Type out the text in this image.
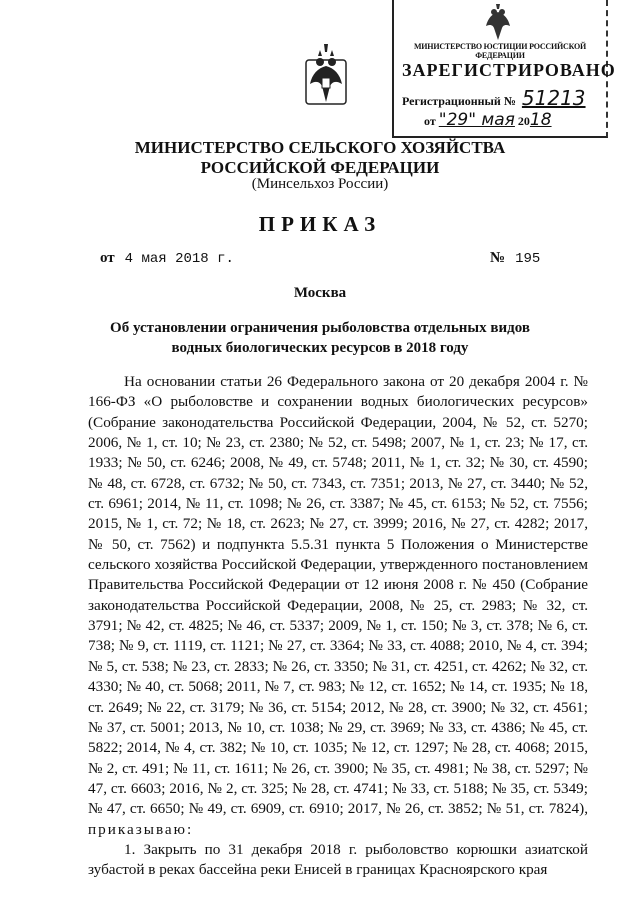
МИНИСТЕРСТВО ЮСТИЦИИ РОССИЙСКОЙ ФЕДЕРАЦИИ
ЗАРЕГИСТРИРОВАНО
Регистрационный № 51213
от "29" мая 2018
МИНИСТЕРСТВО СЕЛЬСКОГО ХОЗЯЙСТВА
РОССИЙСКОЙ ФЕДЕРАЦИИ
(Минсельхоз России)
ПРИКАЗ
от 4 мая 2018 г.	№ 195
Москва
Об установлении ограничения рыболовства отдельных видов водных биологических ресурсов в 2018 году

На основании статьи 26 Федерального закона от 20 декабря 2004 г. № 166-ФЗ «О рыболовстве и сохранении водных биологических ресурсов» (Собрание законодательства Российской Федерации, 2004, № 52, ст. 5270; 2006, № 1, ст. 10; № 23, ст. 2380; № 52, ст. 5498; 2007, № 1, ст. 23; № 17, ст. 1933; № 50, ст. 6246; 2008, № 49, ст. 5748; 2011, № 1, ст. 32; № 30, ст. 4590; № 48, ст. 6728, ст. 6732; № 50, ст. 7343, ст. 7351; 2013, № 27, ст. 3440; № 52, ст. 6961; 2014, № 11, ст. 1098; № 26, ст. 3387; № 45, ст. 6153; № 52, ст. 7556; 2015, № 1, ст. 72; № 18, ст. 2623; № 27, ст. 3999; 2016, № 27, ст. 4282; 2017, № 50, ст. 7562) и подпункта 5.5.31 пункта 5 Положения о Министерстве сельского хозяйства Российской Федерации, утвержденного постановлением Правительства Российской Федерации от 12 июня 2008 г. № 450 (Собрание законодательства Российской Федерации, 2008, № 25, ст. 2983; № 32, ст. 3791; № 42, ст. 4825; № 46, ст. 5337; 2009, № 1, ст. 150; № 3, ст. 378; № 6, ст. 738; № 9, ст. 1119, ст. 1121; № 27, ст. 3364; № 33, ст. 4088; 2010, № 4, ст. 394; № 5, ст. 538; № 23, ст. 2833; № 26, ст. 3350; № 31, ст. 4251, ст. 4262; № 32, ст. 4330; № 40, ст. 5068; 2011, № 7, ст. 983; № 12, ст. 1652; № 14, ст. 1935; № 18, ст. 2649; № 22, ст. 3179; № 36, ст. 5154; 2012, № 28, ст. 3900; № 32, ст. 4561; № 37, ст. 5001; 2013, № 10, ст. 1038; № 29, ст. 3969; № 33, ст. 4386; № 45, ст. 5822; 2014, № 4, ст. 382; № 10, ст. 1035; № 12, ст. 1297; № 28, ст. 4068; 2015, № 2, ст. 491; № 11, ст. 1611; № 26, ст. 3900; № 35, ст. 4981; № 38, ст. 5297; № 47, ст. 6603; 2016, № 2, ст. 325; № 28, ст. 4741; № 33, ст. 5188; № 35, ст. 5349; № 47, ст. 6650; № 49, ст. 6909, ст. 6910; 2017, № 26, ст. 3852; № 51, ст. 7824), приказываю:

1. Закрыть по 31 декабря 2018 г. рыболовство корюшки азиатской зубастой в реках бассейна реки Енисей в границах Красноярского края
